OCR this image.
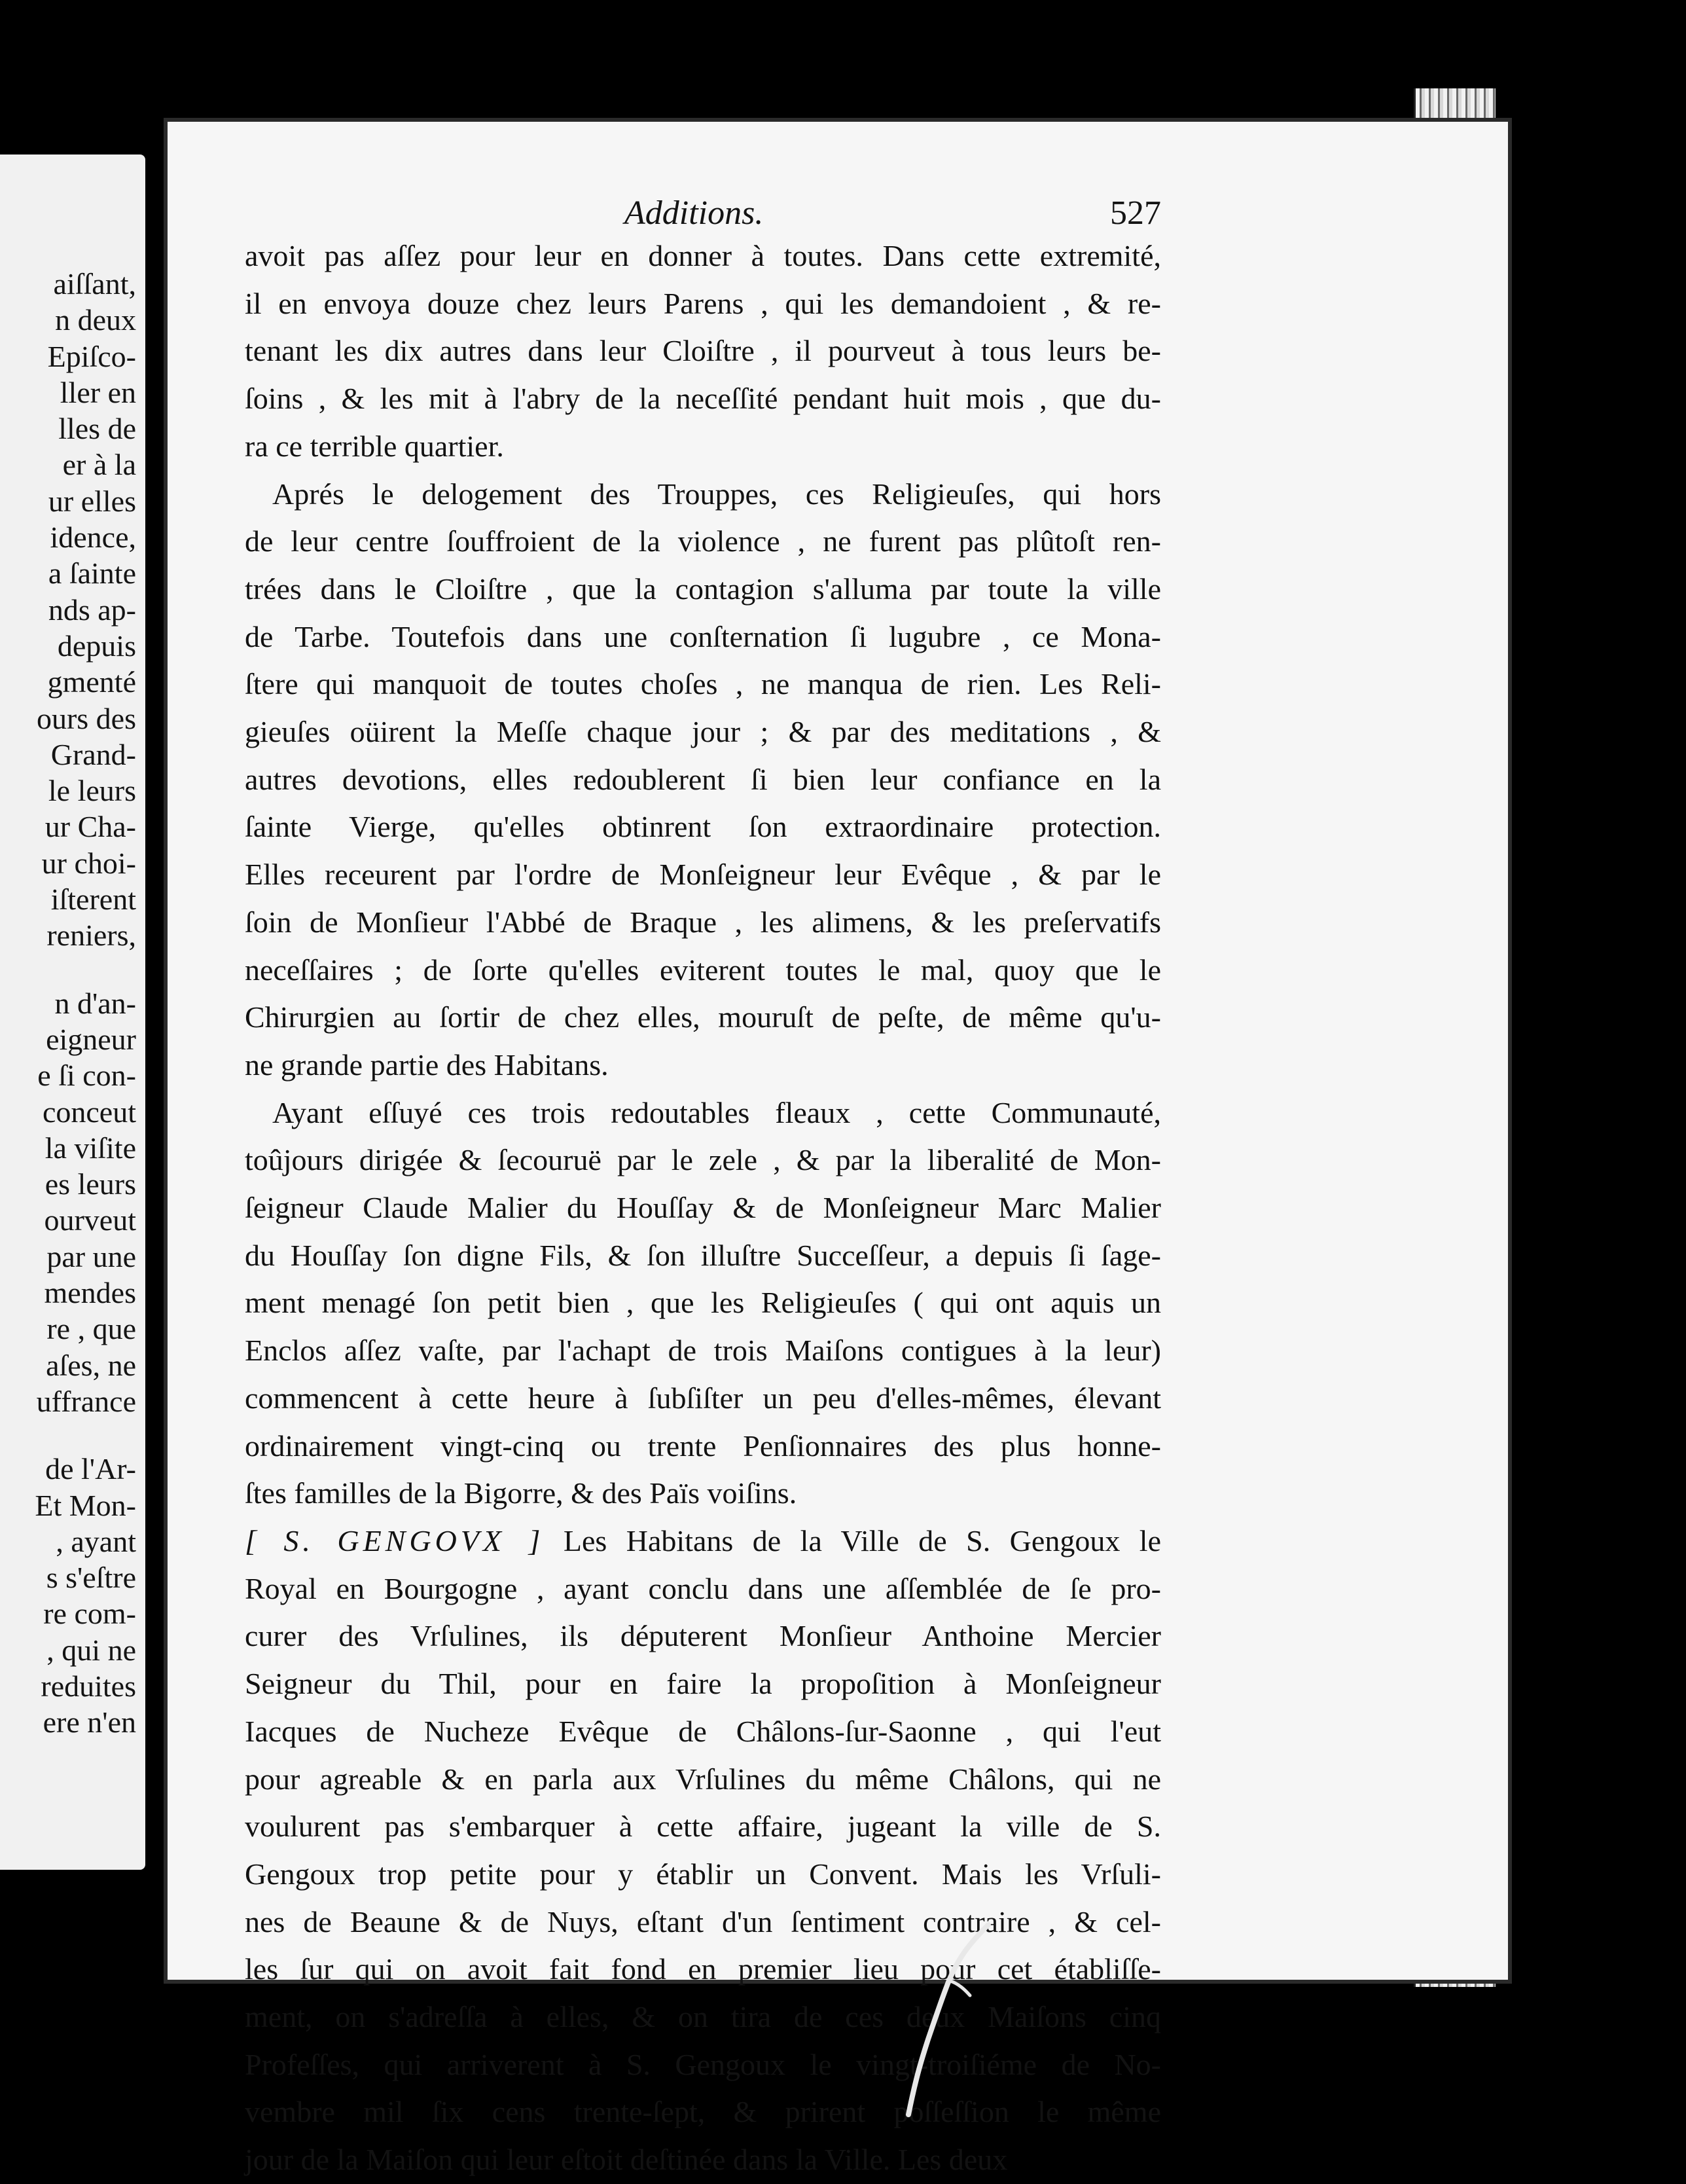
aiſſant,
n deux
Epiſco-
ller en
lles de
er à la
ur elles
idence,
a ſainte
nds ap-
depuis
gmenté
ours des
Grand-
le leurs
ur Cha-
ur choi-
iſterent
reniers,
n d'an-
eigneur
e ſi con-
conceut
la viſite
es leurs
ourveut
par une
mendes
re , que
aſes, ne
uffrance
de l'Ar-
Et Mon-
, ayant
s s'eſtre
re com-
, qui ne
reduites
ere n'en
Additions.	527
avoit pas aſſez pour leur en donner à toutes. Dans cette extremité,
il en envoya douze chez leurs Parens , qui les demandoient , & re-
tenant les dix autres dans leur Cloiſtre , il pourveut à tous leurs be-
ſoins , & les mit à l'abry de la neceſſité pendant huit mois , que du-
ra ce terrible quartier.
Aprés le delogement des Trouppes, ces Religieuſes, qui hors
de leur centre ſouffroient de la violence , ne furent pas plûtoſt ren-
trées dans le Cloiſtre , que la contagion s'alluma par toute la ville
de Tarbe. Toutefois dans une conſternation ſi lugubre , ce Mona-
ſtere qui manquoit de toutes choſes , ne manqua de rien. Les Reli-
gieuſes oüirent la Meſſe chaque jour ; & par des meditations , &
autres devotions, elles redoublerent ſi bien leur confiance en la
ſainte Vierge, qu'elles obtinrent ſon extraordinaire protection.
Elles receurent par l'ordre de Monſeigneur leur Evêque , & par le
ſoin de Monſieur l'Abbé de Braque , les alimens, & les preſervatifs
neceſſaires ; de ſorte qu'elles eviterent toutes le mal, quoy que le
Chirurgien au ſortir de chez elles, mouruſt de peſte, de même qu'u-
ne grande partie des Habitans.
Ayant eſſuyé ces trois redoutables fleaux , cette Communauté,
toûjours dirigée & ſecouruë par le zele , & par la liberalité de Mon-
ſeigneur Claude Malier du Houſſay & de Monſeigneur Marc Malier
du Houſſay ſon digne Fils, & ſon illuſtre Succeſſeur, a depuis ſi ſage-
ment menagé ſon petit bien , que les Religieuſes ( qui ont aquis un
Enclos aſſez vaſte, par l'achapt de trois Maiſons contigues à la leur)
commencent à cette heure à ſubſiſter un peu d'elles-mêmes, élevant
ordinairement vingt-cinq ou trente Penſionnaires des plus honne-
ſtes familles de la Bigorre, & des Païs voiſins.
[ S. GENGOVX ] Les Habitans de la Ville de S. Gengoux le
Royal en Bourgogne , ayant conclu dans une aſſemblée de ſe pro-
curer des Vrſulines, ils députerent Monſieur Anthoine Mercier
Seigneur du Thil, pour en faire la propoſition à Monſeigneur
Iacques de Nucheze Evêque de Châlons-ſur-Saonne , qui l'eut
pour agreable & en parla aux Vrſulines du même Châlons, qui ne
voulurent pas s'embarquer à cette affaire, jugeant la ville de S.
Gengoux trop petite pour y établir un Convent. Mais les Vrſuli-
nes de Beaune & de Nuys, eſtant d'un ſentiment contraire , & cel-
les ſur qui on avoit fait fond en premier lieu pour cet établiſſe-
ment, on s'adreſſa à elles, & on tira de ces deux Maiſons cinq
Profeſſes, qui arriverent à S. Gengoux le vingt-troiſiéme de No-
vembre mil ſix cens trente-ſept, & prirent poſſeſſion le même
jour de la Maiſon qui leur eſtoit deſtinée dans la Ville. Les deux
